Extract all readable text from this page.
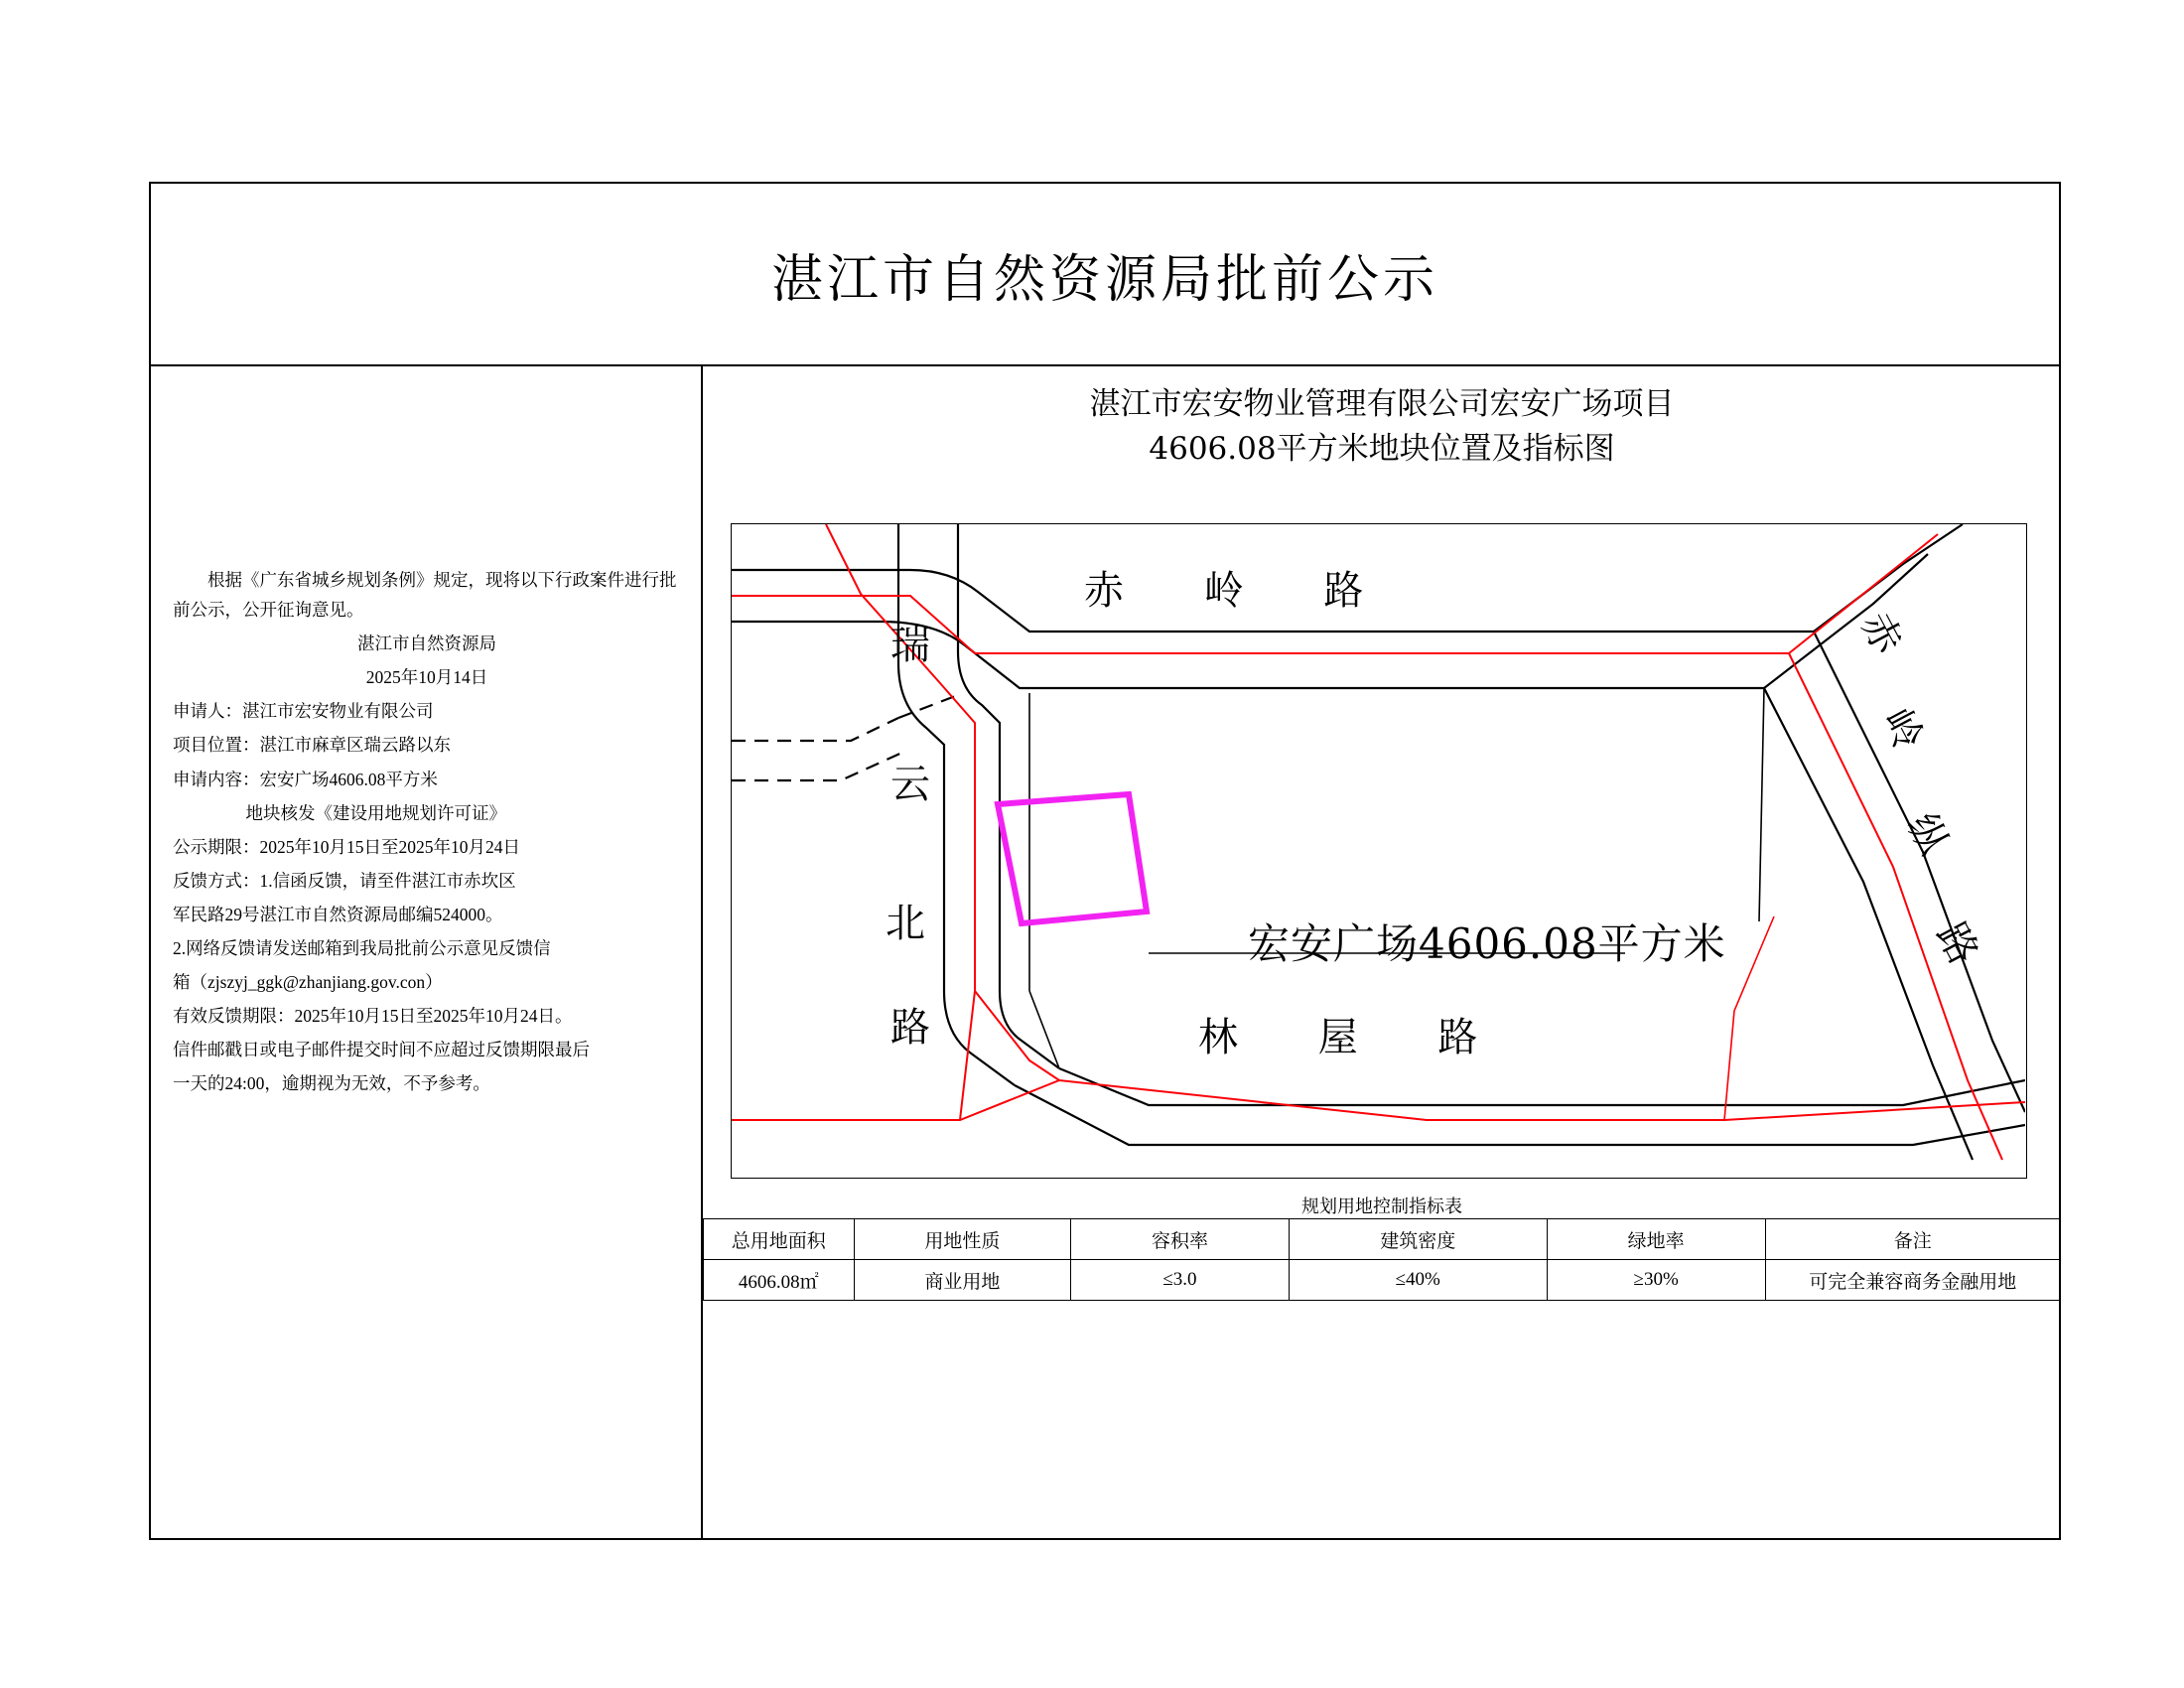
湛江市自然资源局批前公示

根据《广东省城乡规划条例》规定，现将以下行政案件进行批前公示，公开征询意见。

湛江市自然资源局

2025年10月14日

申请人：湛江市宏安物业有限公司

项目位置：湛江市麻章区瑞云路以东

申请内容：宏安广场4606.08平方米

地块核发《建设用地规划许可证》

公示期限：2025年10月15日至2025年10月24日

反馈方式：1.信函反馈，请至件湛江市赤坎区

军民路29号湛江市自然资源局邮编524000。

2.网络反馈请发送邮箱到我局批前公示意见反馈信

箱（zjszyj_ggk@zhanjiang.gov.con）

有效反馈期限：2025年10月15日至2025年10月24日。

信件邮戳日或电子邮件提交时间不应超过反馈期限最后

一天的24:00，逾期视为无效，不予参考。

湛江市宏安物业管理有限公司宏安广场项目
4606.08平方米地块位置及指标图
赤 岭 路
瑞
云
北
路
赤
岭
纵
路
林 屋 路
宏安广场4606.08平方米
规划用地控制指标表
总用地面积	用地性质	容积率	建筑密度	绿地率	备注
4606.08㎡	商业用地	≤3.0	≤40%	≥30%	可完全兼容商务金融用地
